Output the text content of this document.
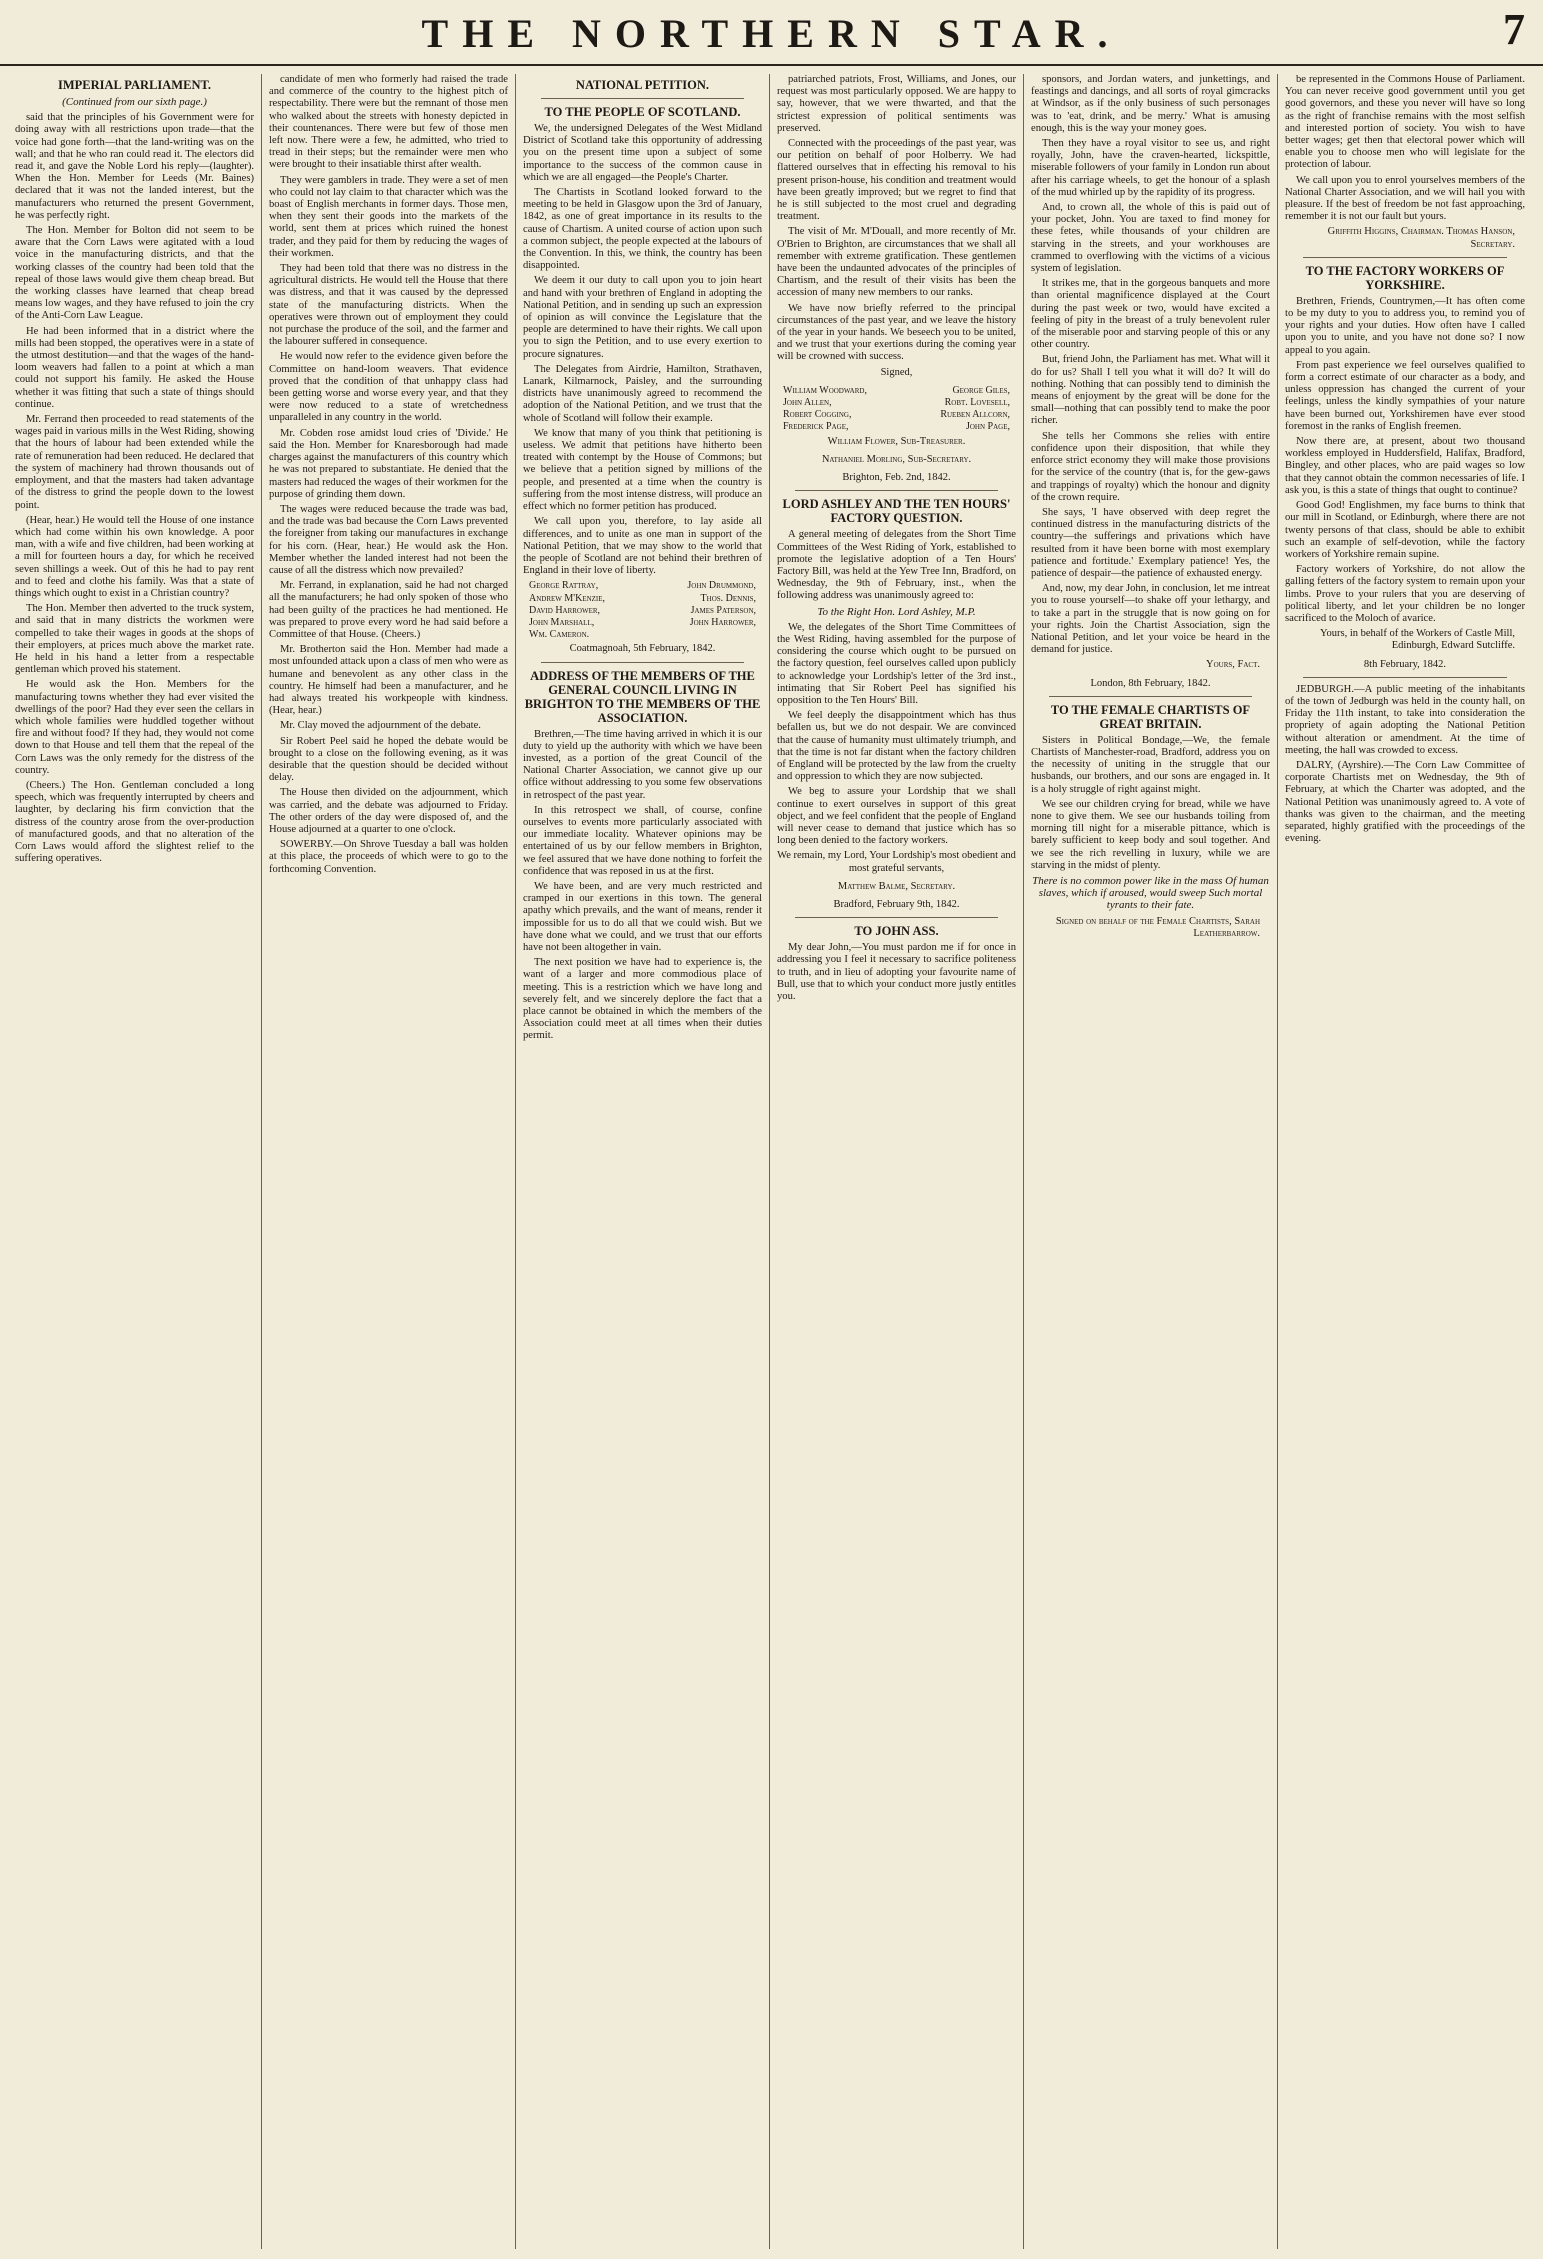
THE NORTHERN STAR.	7
IMPERIAL PARLIAMENT.
(Continued from our sixth page.)

said that the principles of his Government were for doing away with all restrictions upon trade—that the voice had gone forth—that the land-writing was on the wall; and that he who ran could read it. The electors did read it, and gave the Noble Lord his reply—(laughter). When the Hon. Member for Leeds (Mr. Baines) declared that it was not the landed interest, but the manufacturers who returned the present Government, he was perfectly right.

The Hon. Member for Bolton did not seem to be aware that the Corn Laws were agitated with a loud voice in the manufacturing districts, and that the working classes of the country had been told that the repeal of those laws would give them cheap bread. But the working classes have learned that cheap bread means low wages, and they have refused to join the cry of the Anti-Corn Law League.

He had been informed that in a district where the mills had been stopped, the operatives were in a state of the utmost destitution—and that the wages of the hand-loom weavers had fallen to a point at which a man could not support his family. He asked the House whether it was fitting that such a state of things should continue.

Mr. Ferrand then proceeded to read statements of the wages paid in various mills in the West Riding, showing that the hours of labour had been extended while the rate of remuneration had been reduced. He declared that the system of machinery had thrown thousands out of employment, and that the masters had taken advantage of the distress to grind the people down to the lowest point.

(Hear, hear.) He would tell the House of one instance which had come within his own knowledge. A poor man, with a wife and five children, had been working at a mill for fourteen hours a day, for which he received seven shillings a week. Out of this he had to pay rent and to feed and clothe his family. Was that a state of things which ought to exist in a Christian country?

The Hon. Member then adverted to the truck system, and said that in many districts the workmen were compelled to take their wages in goods at the shops of their employers, at prices much above the market rate. He held in his hand a letter from a respectable gentleman which proved his statement.

He would ask the Hon. Members for the manufacturing towns whether they had ever visited the dwellings of the poor? Had they ever seen the cellars in which whole families were huddled together without fire and without food? If they had, they would not come down to that House and tell them that the repeal of the Corn Laws was the only remedy for the distress of the country.

(Cheers.) The Hon. Gentleman concluded a long speech, which was frequently interrupted by cheers and laughter, by declaring his firm conviction that the distress of the country arose from the over-production of manufactured goods, and that no alteration of the Corn Laws would afford the slightest relief to the suffering operatives.

candidate of men who formerly had raised the trade and commerce of the country to the highest pitch of respectability. There were but the remnant of those men who walked about the streets with honesty depicted in their countenances. There were but few of those men left now. There were a few, he admitted, who tried to tread in their steps; but the remainder were men who were brought to their insatiable thirst after wealth.

They were gamblers in trade. They were a set of men who could not lay claim to that character which was the boast of English merchants in former days. Those men, when they sent their goods into the markets of the world, sent them at prices which ruined the honest trader, and they paid for them by reducing the wages of their workmen.

They had been told that there was no distress in the agricultural districts. He would tell the House that there was distress, and that it was caused by the depressed state of the manufacturing districts. When the operatives were thrown out of employment they could not purchase the produce of the soil, and the farmer and the labourer suffered in consequence.

He would now refer to the evidence given before the Committee on hand-loom weavers. That evidence proved that the condition of that unhappy class had been getting worse and worse every year, and that they were now reduced to a state of wretchedness unparalleled in any country in the world.

Mr. Cobden rose amidst loud cries of 'Divide.' He said the Hon. Member for Knaresborough had made charges against the manufacturers of this country which he was not prepared to substantiate. He denied that the masters had reduced the wages of their workmen for the purpose of grinding them down.

The wages were reduced because the trade was bad, and the trade was bad because the Corn Laws prevented the foreigner from taking our manufactures in exchange for his corn. (Hear, hear.) He would ask the Hon. Member whether the landed interest had not been the cause of all the distress which now prevailed?

Mr. Ferrand, in explanation, said he had not charged all the manufacturers; he had only spoken of those who had been guilty of the practices he had mentioned. He was prepared to prove every word he had said before a Committee of that House. (Cheers.)

Mr. Brotherton said the Hon. Member had made a most unfounded attack upon a class of men who were as humane and benevolent as any other class in the country. He himself had been a manufacturer, and he had always treated his workpeople with kindness. (Hear, hear.)

Mr. Clay moved the adjournment of the debate.

Sir Robert Peel said he hoped the debate would be brought to a close on the following evening, as it was desirable that the question should be decided without delay.

The House then divided on the adjournment, which was carried, and the debate was adjourned to Friday. The other orders of the day were disposed of, and the House adjourned at a quarter to one o'clock.

SOWERBY.—On Shrove Tuesday a ball was holden at this place, the proceeds of which were to go to the forthcoming Convention.

NATIONAL PETITION.
TO THE PEOPLE OF SCOTLAND.

We, the undersigned Delegates of the West Midland District of Scotland take this opportunity of addressing you on the present time upon a subject of some importance to the success of the common cause in which we are all engaged—the People's Charter.

The Chartists in Scotland looked forward to the meeting to be held in Glasgow upon the 3rd of January, 1842, as one of great importance in its results to the cause of Chartism. A united course of action upon such a common subject, the people expected at the labours of the Convention. In this, we think, the country has been disappointed.

We deem it our duty to call upon you to join heart and hand with your brethren of England in adopting the National Petition, and in sending up such an expression of opinion as will convince the Legislature that the people are determined to have their rights. We call upon you to sign the Petition, and to use every exertion to procure signatures.

The Delegates from Airdrie, Hamilton, Strathaven, Lanark, Kilmarnock, Paisley, and the surrounding districts have unanimously agreed to recommend the adoption of the National Petition, and we trust that the whole of Scotland will follow their example.

We know that many of you think that petitioning is useless. We admit that petitions have hitherto been treated with contempt by the House of Commons; but we believe that a petition signed by millions of the people, and presented at a time when the country is suffering from the most intense distress, will produce an effect which no former petition has produced.

We call upon you, therefore, to lay aside all differences, and to unite as one man in support of the National Petition, that we may show to the world that the people of Scotland are not behind their brethren of England in their love of liberty.

George Rattray,	John Drummond,
Andrew M'Kenzie,	Thos. Dennis,
David Harrower,	James Paterson,
John Marshall,	John Harrower,
Wm. Cameron.
Coatmagnoah, 5th February, 1842.
ADDRESS OF THE MEMBERS OF THE GENERAL COUNCIL LIVING IN BRIGHTON TO THE MEMBERS OF THE ASSOCIATION.

Brethren,—The time having arrived in which it is our duty to yield up the authority with which we have been invested, as a portion of the great Council of the National Charter Association, we cannot give up our office without addressing to you some few observations in retrospect of the past year.

In this retrospect we shall, of course, confine ourselves to events more particularly associated with our immediate locality. Whatever opinions may be entertained of us by our fellow members in Brighton, we feel assured that we have done nothing to forfeit the confidence that was reposed in us at the first.

We have been, and are very much restricted and cramped in our exertions in this town. The general apathy which prevails, and the want of means, render it impossible for us to do all that we could wish. But we have done what we could, and we trust that our efforts have not been altogether in vain.

The next position we have had to experience is, the want of a larger and more commodious place of meeting. This is a restriction which we have long and severely felt, and we sincerely deplore the fact that a place cannot be obtained in which the members of the Association could meet at all times when their duties permit.

patriarched patriots, Frost, Williams, and Jones, our request was most particularly opposed. We are happy to say, however, that we were thwarted, and that the strictest expression of political sentiments was preserved.

Connected with the proceedings of the past year, was our petition on behalf of poor Holberry. We had flattered ourselves that in effecting his removal to his present prison-house, his condition and treatment would have been greatly improved; but we regret to find that he is still subjected to the most cruel and degrading treatment.

The visit of Mr. M'Douall, and more recently of Mr. O'Brien to Brighton, are circumstances that we shall all remember with extreme gratification. These gentlemen have been the undaunted advocates of the principles of Chartism, and the result of their visits has been the accession of many new members to our ranks.

We have now briefly referred to the principal circumstances of the past year, and we leave the history of the year in your hands. We beseech you to be united, and we trust that your exertions during the coming year will be crowned with success.

Signed,
William Woodward,	George Giles,
John Allen,	Robt. Lovesell,
Robert Cogging,	Rueben Allcorn,
Frederick Page,	John Page,
William Flower, Sub-Treasurer.
Nathaniel Morling, Sub-Secretary.
Brighton, Feb. 2nd, 1842.
LORD ASHLEY AND THE TEN HOURS' FACTORY QUESTION.

A general meeting of delegates from the Short Time Committees of the West Riding of York, established to promote the legislative adoption of a Ten Hours' Factory Bill, was held at the Yew Tree Inn, Bradford, on Wednesday, the 9th of February, inst., when the following address was unanimously agreed to:

To the Right Hon. Lord Ashley, M.P.

We, the delegates of the Short Time Committees of the West Riding, having assembled for the purpose of considering the course which ought to be pursued on the factory question, feel ourselves called upon publicly to acknowledge your Lordship's letter of the 3rd inst., intimating that Sir Robert Peel has signified his opposition to the Ten Hours' Bill.

We feel deeply the disappointment which has thus befallen us, but we do not despair. We are convinced that the cause of humanity must ultimately triumph, and that the time is not far distant when the factory children of England will be protected by the law from the cruelty and oppression to which they are now subjected.

We beg to assure your Lordship that we shall continue to exert ourselves in support of this great object, and we feel confident that the people of England will never cease to demand that justice which has so long been denied to the factory workers.

We remain, my Lord, Your Lordship's most obedient and most grateful servants,
Matthew Balme, Secretary.
Bradford, February 9th, 1842.
TO JOHN ASS.

My dear John,—You must pardon me if for once in addressing you I feel it necessary to sacrifice politeness to truth, and in lieu of adopting your favourite name of Bull, use that to which your conduct more justly entitles you.

sponsors, and Jordan waters, and junkettings, and feastings and dancings, and all sorts of royal gimcracks at Windsor, as if the only business of such personages was to 'eat, drink, and be merry.' What is amusing enough, this is the way your money goes.

Then they have a royal visitor to see us, and right royally, John, have the craven-hearted, lickspittle, miserable followers of your family in London run about after his carriage wheels, to get the honour of a splash of the mud whirled up by the rapidity of its progress.

And, to crown all, the whole of this is paid out of your pocket, John. You are taxed to find money for these fetes, while thousands of your children are starving in the streets, and your workhouses are crammed to overflowing with the victims of a vicious system of legislation.

It strikes me, that in the gorgeous banquets and more than oriental magnificence displayed at the Court during the past week or two, would have excited a feeling of pity in the breast of a truly benevolent ruler of the miserable poor and starving people of this or any other country.

But, friend John, the Parliament has met. What will it do for us? Shall I tell you what it will do? It will do nothing. Nothing that can possibly tend to diminish the means of enjoyment by the great will be done for the small—nothing that can possibly tend to make the poor richer.

She tells her Commons she relies with entire confidence upon their disposition, that while they enforce strict economy they will make those provisions for the service of the country (that is, for the gew-gaws and trappings of royalty) which the honour and dignity of the crown require.

She says, 'I have observed with deep regret the continued distress in the manufacturing districts of the country—the sufferings and privations which have resulted from it have been borne with most exemplary patience and fortitude.' Exemplary patience! Yes, the patience of despair—the patience of exhausted energy.

And, now, my dear John, in conclusion, let me intreat you to rouse yourself—to shake off your lethargy, and to take a part in the struggle that is now going on for your rights. Join the Chartist Association, sign the National Petition, and let your voice be heard in the demand for justice.

Yours, Fact.
London, 8th February, 1842.
TO THE FEMALE CHARTISTS OF GREAT BRITAIN.

Sisters in Political Bondage,—We, the female Chartists of Manchester-road, Bradford, address you on the necessity of uniting in the struggle that our husbands, our brothers, and our sons are engaged in. It is a holy struggle of right against might.

We see our children crying for bread, while we have none to give them. We see our husbands toiling from morning till night for a miserable pittance, which is barely sufficient to keep body and soul together. And we see the rich revelling in luxury, while we are starving in the midst of plenty.

There is no common power like in the mass Of human slaves, which if aroused, would sweep Such mortal tyrants to their fate.
Signed on behalf of the Female Chartists, Sarah Leatherbarrow.

be represented in the Commons House of Parliament. You can never receive good government until you get good governors, and these you never will have so long as the right of franchise remains with the most selfish and interested portion of society. You wish to have better wages; get then that electoral power which will enable you to choose men who will legislate for the protection of labour.

We call upon you to enrol yourselves members of the National Charter Association, and we will hail you with pleasure. If the best of freedom be not fast approaching, remember it is not our fault but yours.

Griffith Higgins, Chairman. Thomas Hanson, Secretary.
TO THE FACTORY WORKERS OF YORKSHIRE.

Brethren, Friends, Countrymen,—It has often come to be my duty to you to address you, to remind you of your rights and your duties. How often have I called upon you to unite, and you have not done so? I now appeal to you again.

From past experience we feel ourselves qualified to form a correct estimate of our character as a body, and unless oppression has changed the current of your feelings, unless the kindly sympathies of your nature have been burned out, Yorkshiremen have ever stood foremost in the ranks of English freemen.

Now there are, at present, about two thousand workless employed in Huddersfield, Halifax, Bradford, Bingley, and other places, who are paid wages so low that they cannot obtain the common necessaries of life. I ask you, is this a state of things that ought to continue?

Good God! Englishmen, my face burns to think that our mill in Scotland, or Edinburgh, where there are not twenty persons of that class, should be able to exhibit such an example of self-devotion, while the factory workers of Yorkshire remain supine.

Factory workers of Yorkshire, do not allow the galling fetters of the factory system to remain upon your limbs. Prove to your rulers that you are deserving of political liberty, and let your children be no longer sacrificed to the Moloch of avarice.

Yours, in behalf of the Workers of Castle Mill, Edinburgh, Edward Sutcliffe.
8th February, 1842.

JEDBURGH.—A public meeting of the inhabitants of the town of Jedburgh was held in the county hall, on Friday the 11th instant, to take into consideration the propriety of again adopting the National Petition without alteration or amendment. At the time of meeting, the hall was crowded to excess.

DALRY, (Ayrshire).—The Corn Law Committee of corporate Chartists met on Wednesday, the 9th of February, at which the Charter was adopted, and the National Petition was unanimously agreed to. A vote of thanks was given to the chairman, and the meeting separated, highly gratified with the proceedings of the evening.
